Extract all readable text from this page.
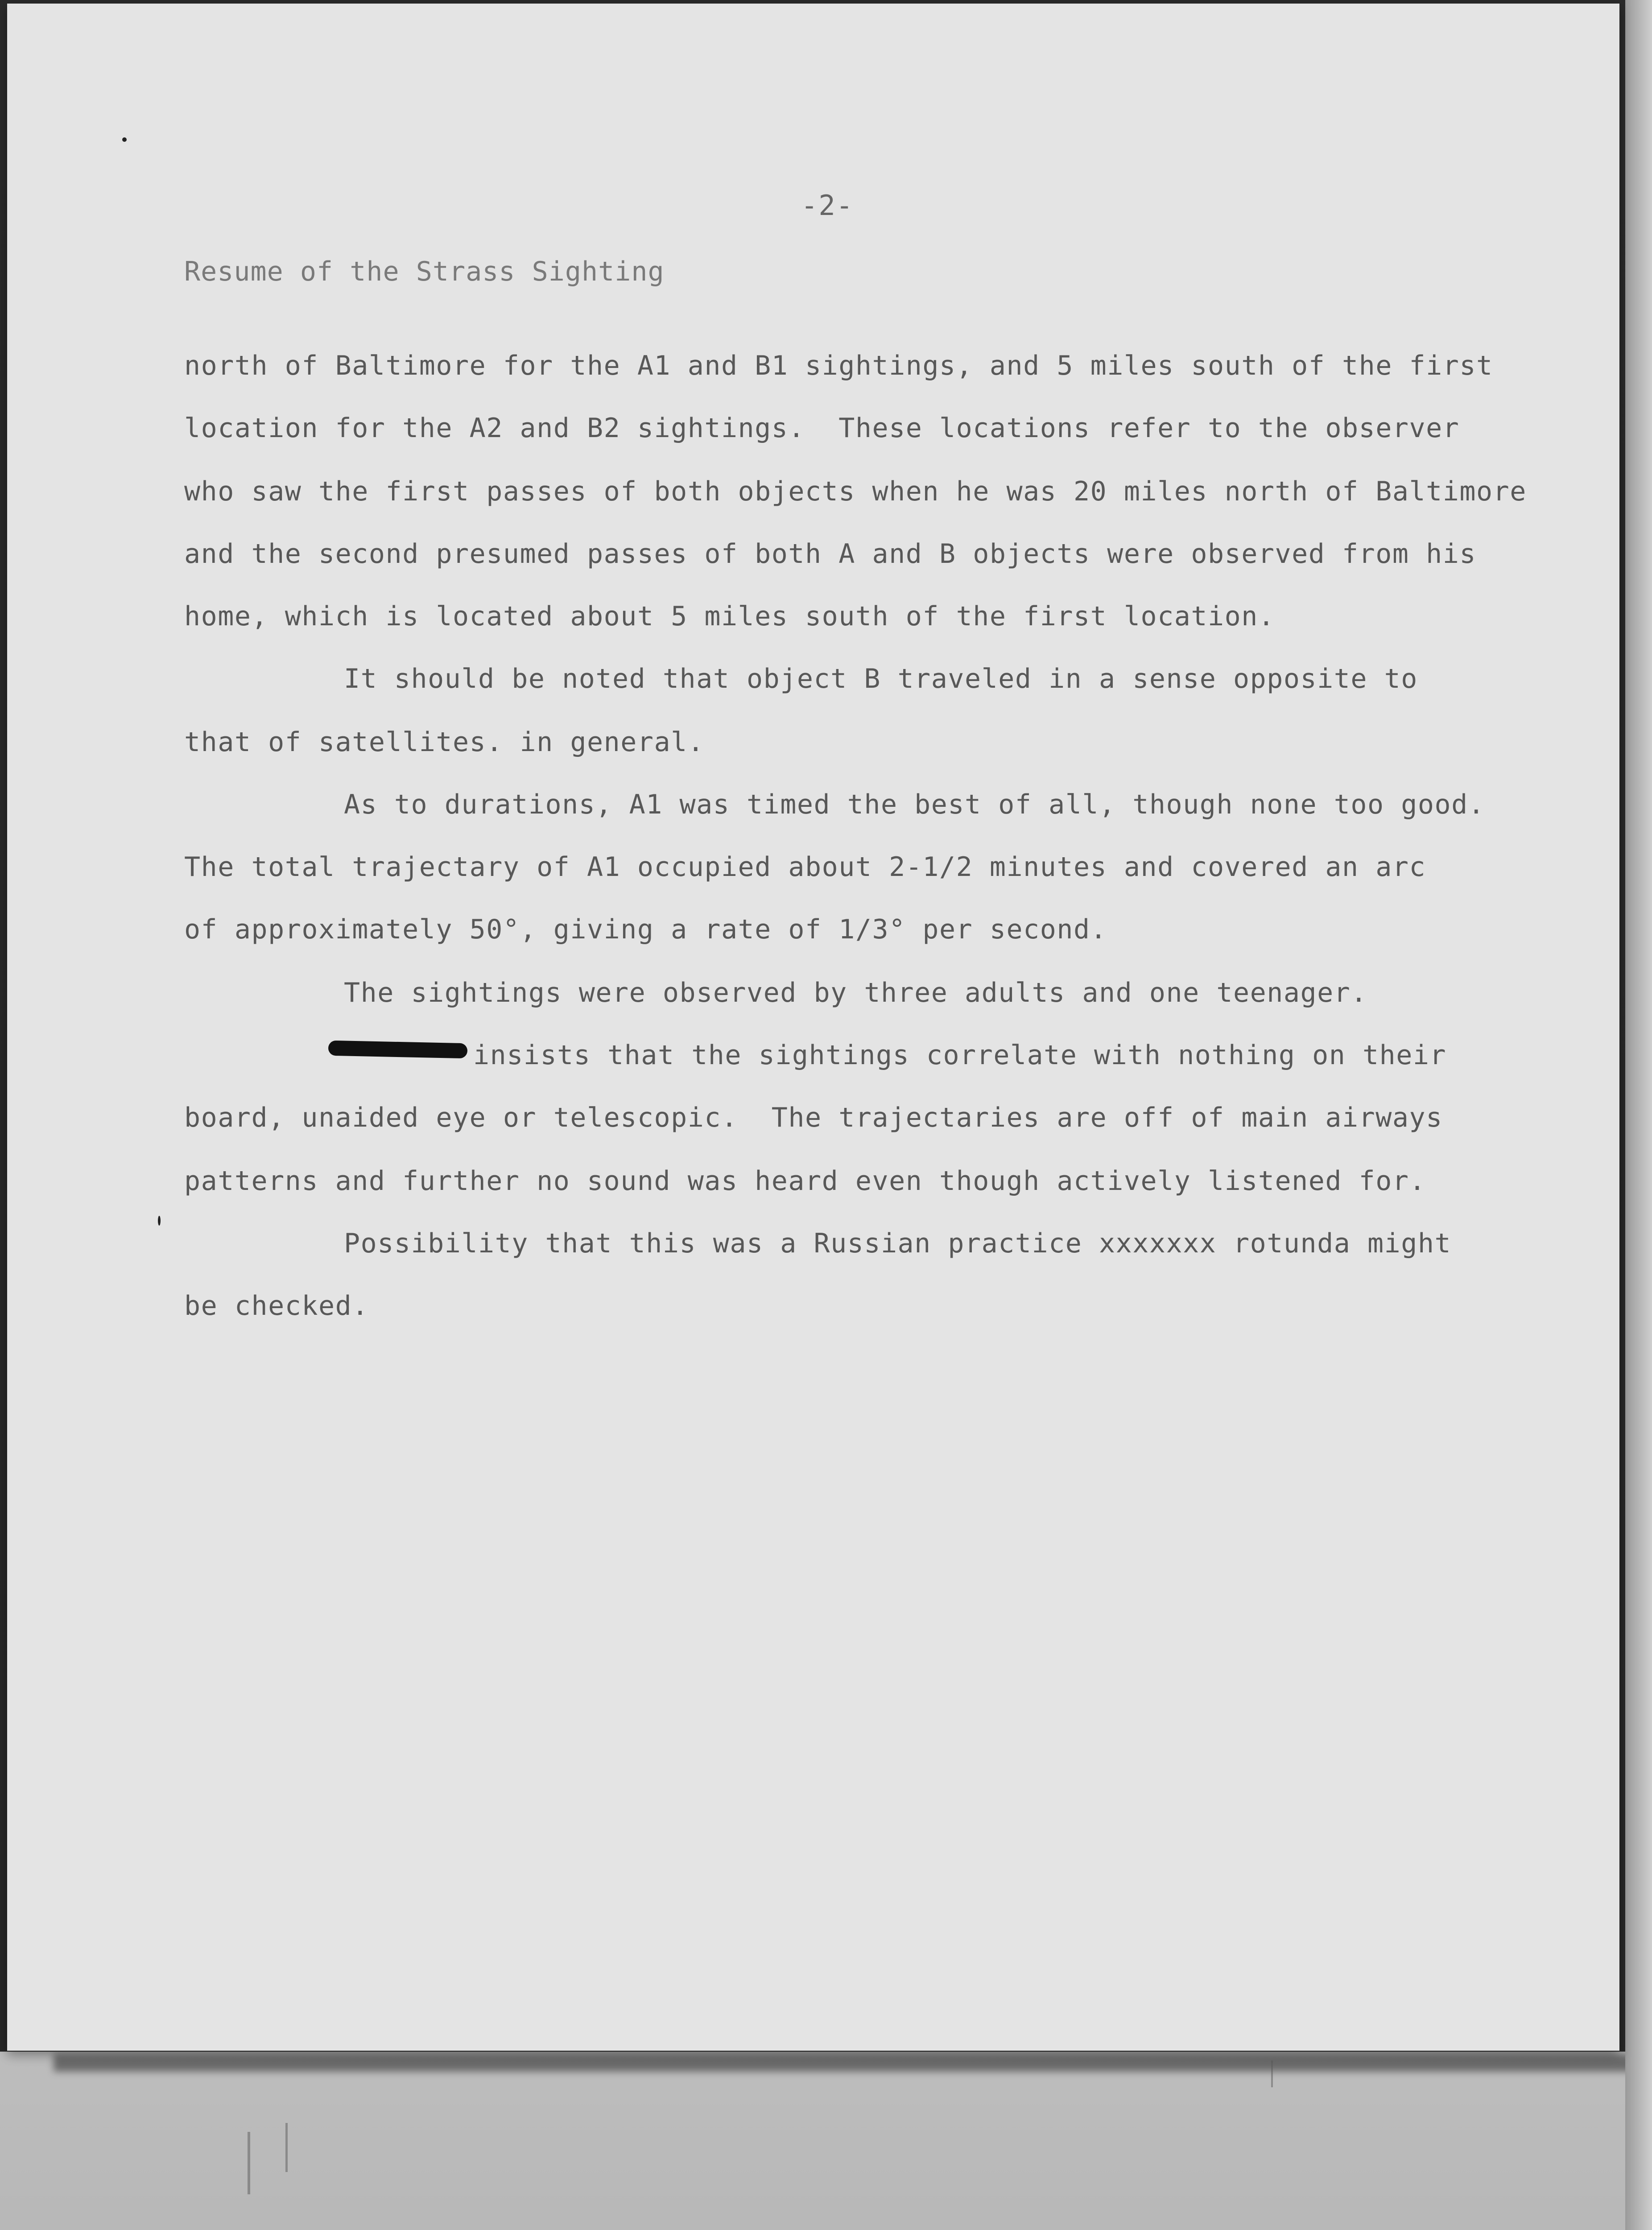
-2-
Resume of the Strass Sighting
north of Baltimore for the A1 and B1 sightings, and 5 miles south of the first
location for the A2 and B2 sightings.  These locations refer to the observer
who saw the first passes of both objects when he was 20 miles north of Baltimore
and the second presumed passes of both A and B objects were observed from his
home, which is located about 5 miles south of the first location.
It should be noted that object B traveled in a sense opposite to
that of satellites. in general.
As to durations, A1 was timed the best of all, though none too good.
The total trajectary of A1 occupied about 2-1/2 minutes and covered an arc
of approximately 50°, giving a rate of 1/3° per second.
The sightings were observed by three adults and one teenager.
insists that the sightings correlate with nothing on their
board, unaided eye or telescopic.  The trajectaries are off of main airways
patterns and further no sound was heard even though actively listened for.
Possibility that this was a Russian practice xxxxxxx rotunda might
be checked.
